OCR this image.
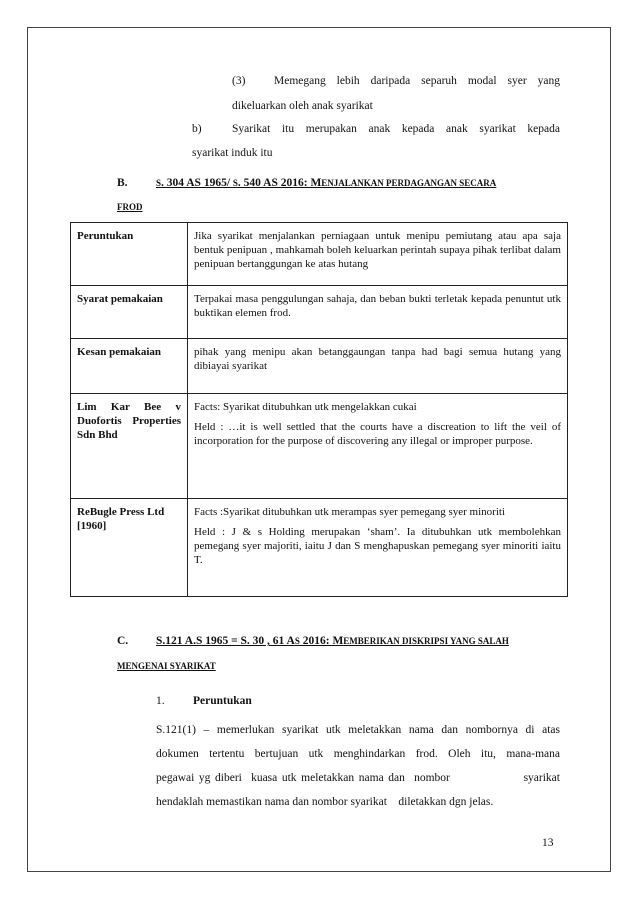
(3) Memegang lebih daripada separuh modal syer yang
dikeluarkan oleh anak syarikat
b)	Syarikat itu merupakan anak kepada anak syarikat kepada
syarikat induk itu
B.	S. 304 AS 1965/ S. 540 AS 2016: MENJALANKAN PERDAGANGAN SECARA
FROD
Peruntukan	Jika syarikat menjalankan perniagaan untuk menipu pemiutang atau apa saja bentuk penipuan , mahkamah boleh keluarkan perintah supaya pihak terlibat dalam penipuan bertanggungan ke atas hutang

Syarat pemakaian	Terpakai masa penggulungan sahaja, dan beban bukti terletak kepada penuntut utk buktikan elemen frod.

Kesan pemakaian	pihak yang menipu akan betanggaungan tanpa had bagi semua hutang yang dibiayai syarikat

Lim Kar Bee v Duofortis Properties Sdn Bhd	Facts: Syarikat ditubuhkan utk mengelakkan cukai
Held : …it is well settled that the courts have a discreation to lift the veil of incorporation for the purpose of discovering any illegal or improper purpose.

ReBugle Press Ltd [1960]	Facts :Syarikat ditubuhkan utk merampas syer pemegang syer minoriti
Held : J & s Holding merupakan ‘sham’. Ia ditubuhkan utk membolehkan pemegang syer majoriti, iaitu J dan S menghapuskan pemegang syer minoriti iaitu T.
C. S.121 A.S 1965 = S. 30 , 61 AS 2016: MEMBERIKAN DISKRIPSI YANG SALAH
MENGENAI SYARIKAT
1. Peruntukan
S.121(1) – memerlukan syarikat utk meletakkan nama dan nombornya di atas
dokumen tertentu bertujuan utk menghindarkan frod. Oleh itu, mana-mana
pegawai yg diberi  kuasa utk meletakkan nama dan  nombor                syarikat
hendaklah memastikan nama dan nombor syarikat    diletakkan dgn jelas.
13
